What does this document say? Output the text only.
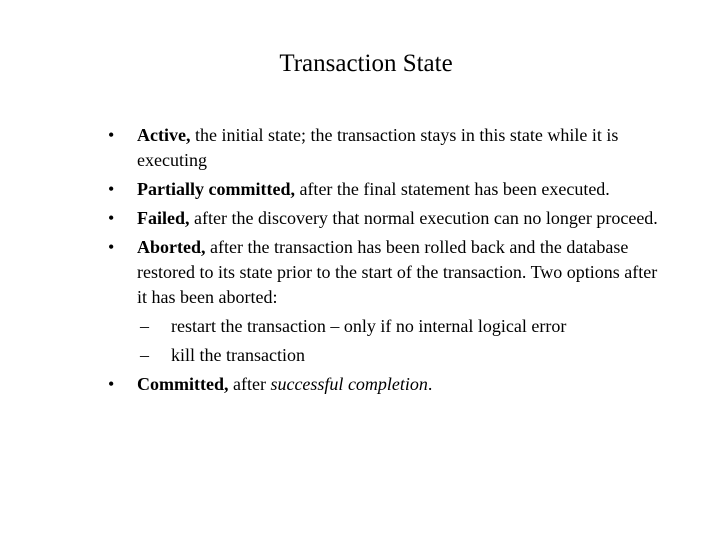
Transaction State
• Active, the initial state; the transaction stays in this state while it is executing
• Partially committed, after the final statement has been executed.
• Failed, after the discovery that normal execution can no longer proceed.
• Aborted, after the transaction has been rolled back and the database restored to its state prior to the start of the transaction. Two options after it has been aborted:
– restart the transaction – only if no internal logical error
– kill the transaction
• Committed, after successful completion.
